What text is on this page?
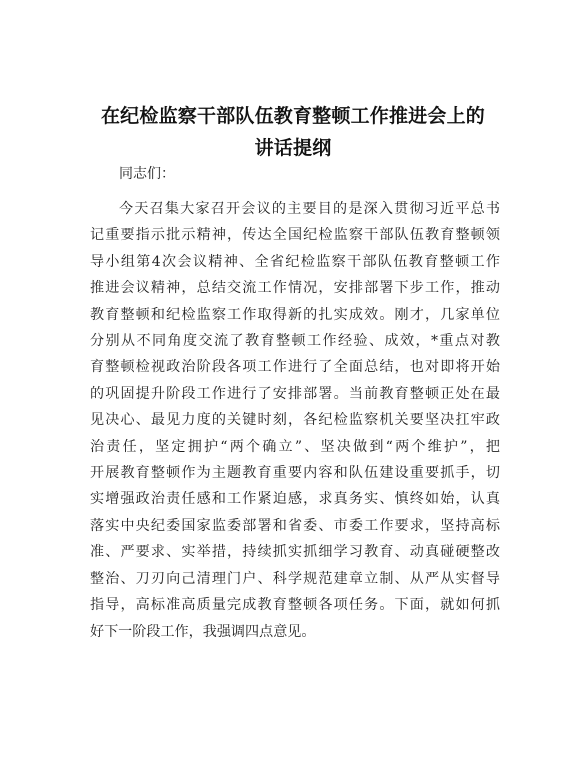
在纪检监察干部队伍教育整顿工作推进会上的
讲话提纲
同志们：
今天召集大家召开会议的主要目的是深入贯彻习近平总书
记重要指示批示精神，传达全国纪检监察干部队伍教育整顿领
导小组第4次会议精神、全省纪检监察干部队伍教育整顿工作
推进会议精神，总结交流工作情况，安排部署下步工作，推动
教育整顿和纪检监察工作取得新的扎实成效。刚才，几家单位
分别从不同角度交流了教育整顿工作经验、成效，*重点对教
育整顿检视政治阶段各项工作进行了全面总结，也对即将开始
的巩固提升阶段工作进行了安排部署。当前教育整顿正处在最
见决心、最见力度的关键时刻，各纪检监察机关要坚决扛牢政
治责任，坚定拥护“两个确立”、坚决做到“两个维护”，把
开展教育整顿作为主题教育重要内容和队伍建设重要抓手，切
实增强政治责任感和工作紧迫感，求真务实、慎终如始，认真
落实中央纪委国家监委部署和省委、市委工作要求，坚持高标
准、严要求、实举措，持续抓实抓细学习教育、动真碰硬整改
整治、刀刃向己清理门户、科学规范建章立制、从严从实督导
指导，高标准高质量完成教育整顿各项任务。下面，就如何抓
好下一阶段工作，我强调四点意见。
